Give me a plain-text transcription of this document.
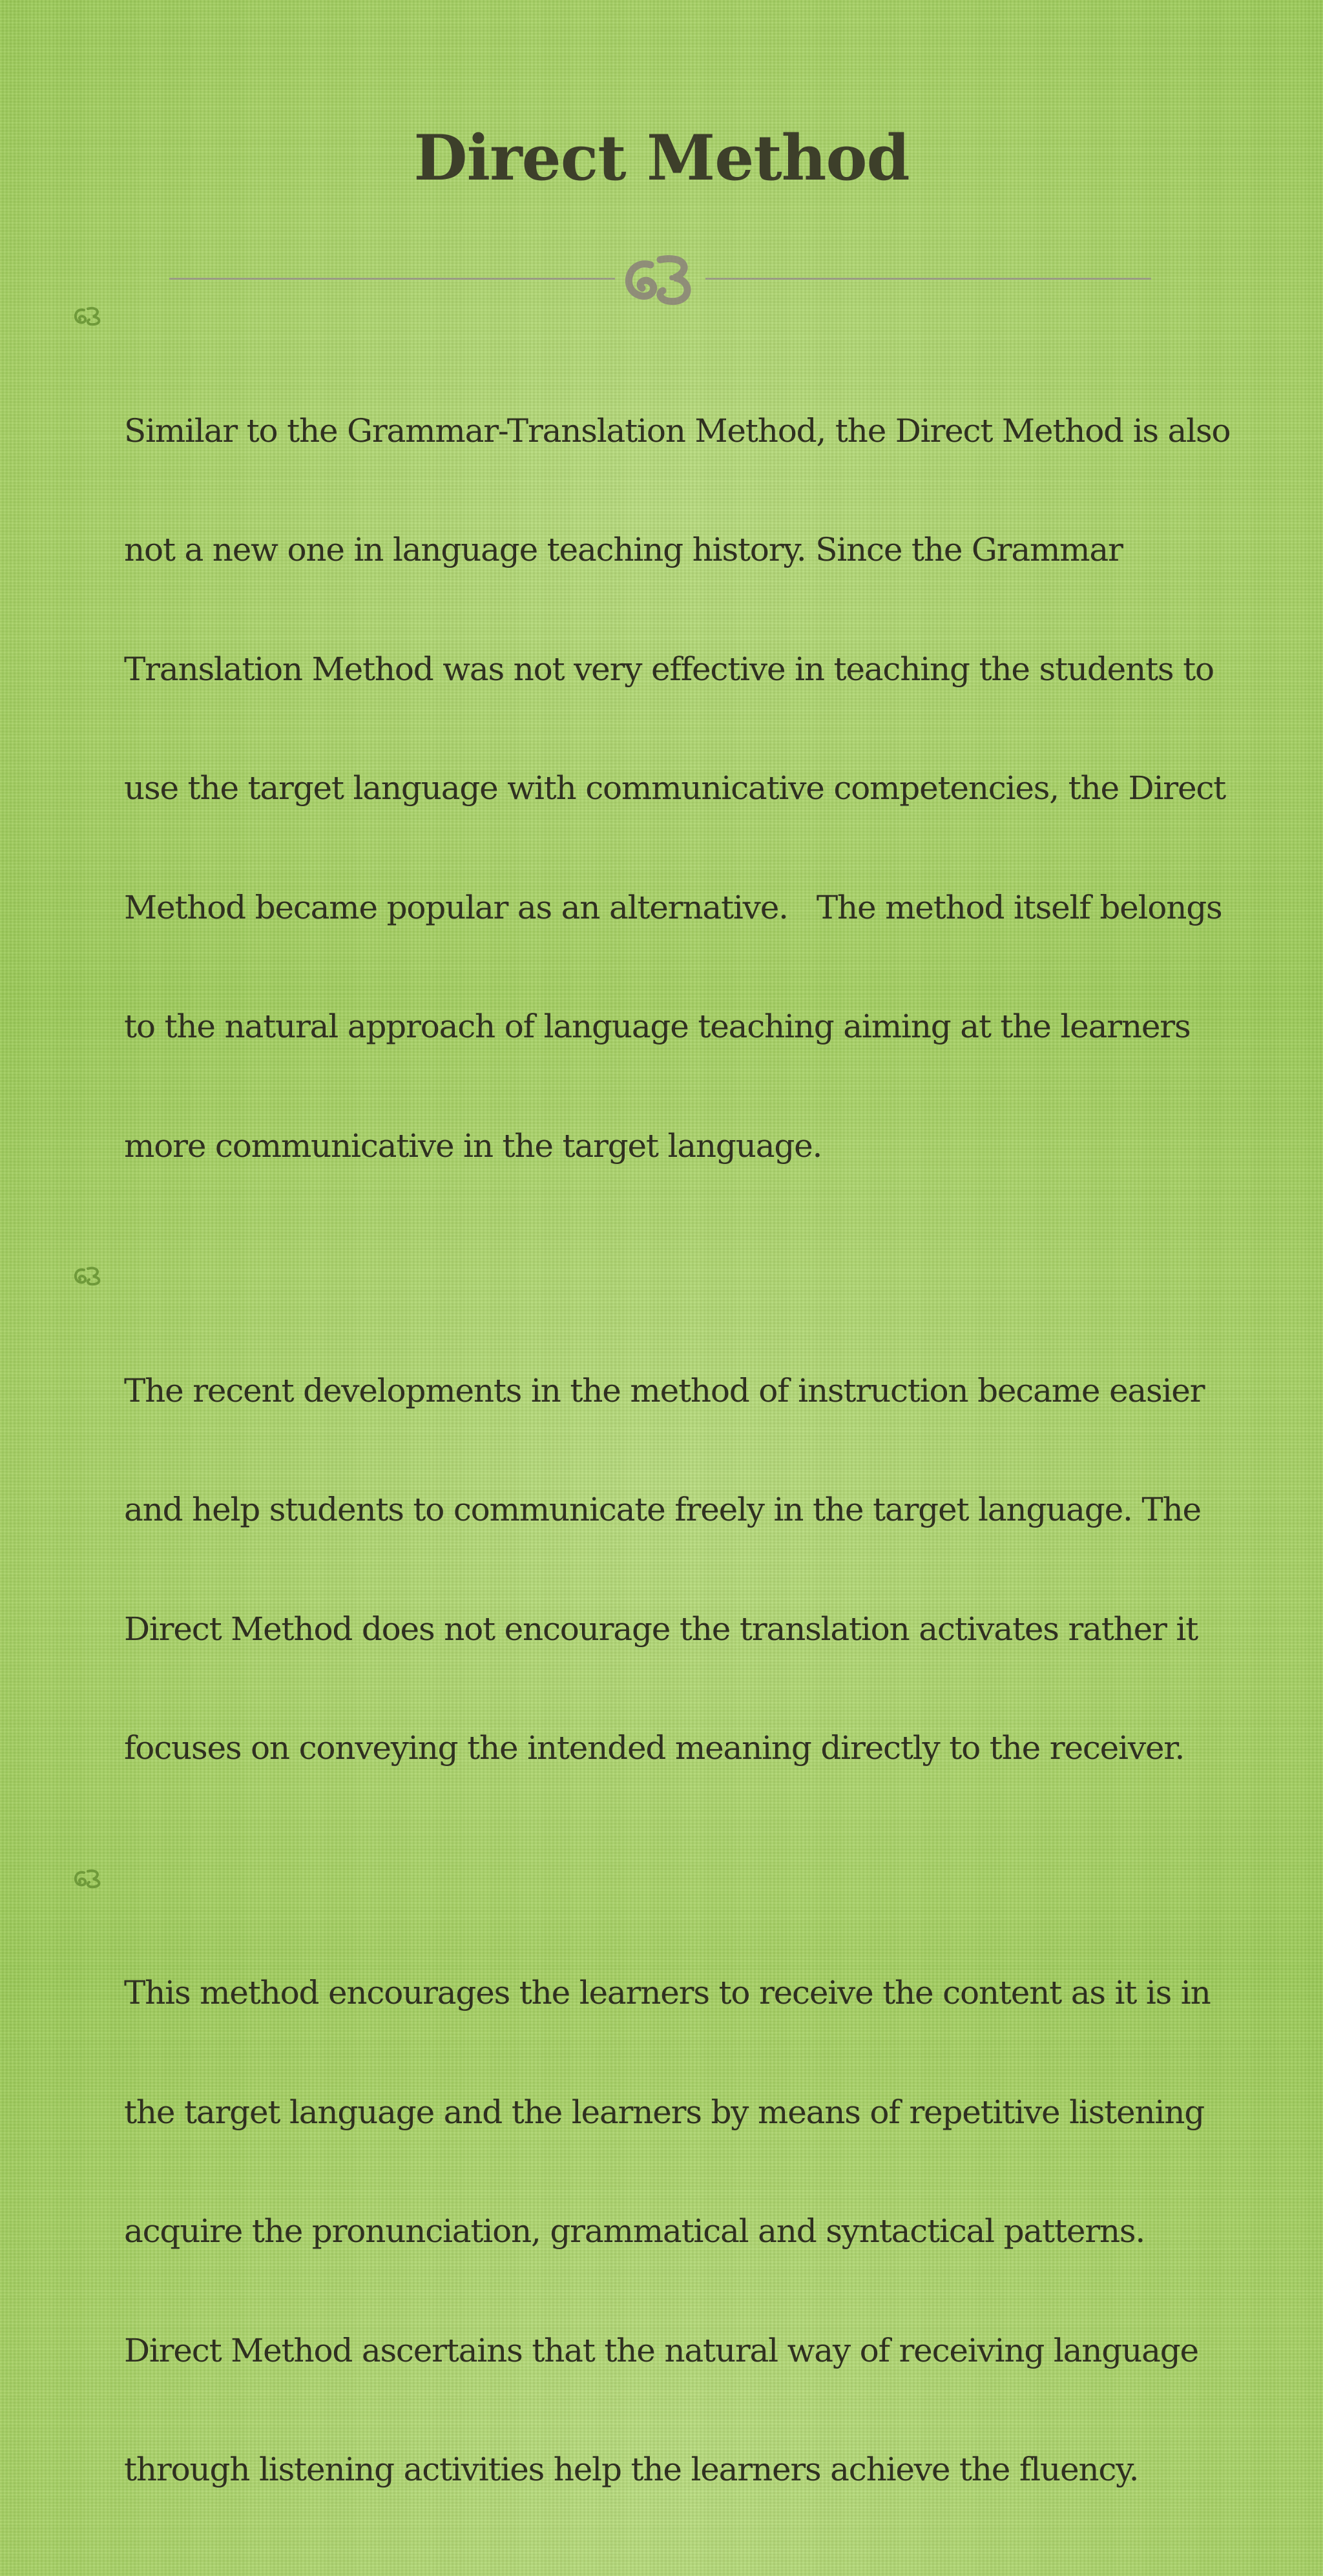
Direct Method

Similar to the Grammar-Translation Method, the Direct Method is also

not a new one in language teaching history. Since the Grammar

Translation Method was not very effective in teaching the students to

use the target language with communicative competencies, the Direct

Method became popular as an alternative.   The method itself belongs

to the natural approach of language teaching aiming at the learners

more communicative in the target language.

The recent developments in the method of instruction became easier

and help students to communicate freely in the target language. The

Direct Method does not encourage the translation activates rather it

focuses on conveying the intended meaning directly to the receiver.

This method encourages the learners to receive the content as it is in

the target language and the learners by means of repetitive listening

acquire the pronunciation, grammatical and syntactical patterns.

Direct Method ascertains that the natural way of receiving language

through listening activities help the learners achieve the fluency.
